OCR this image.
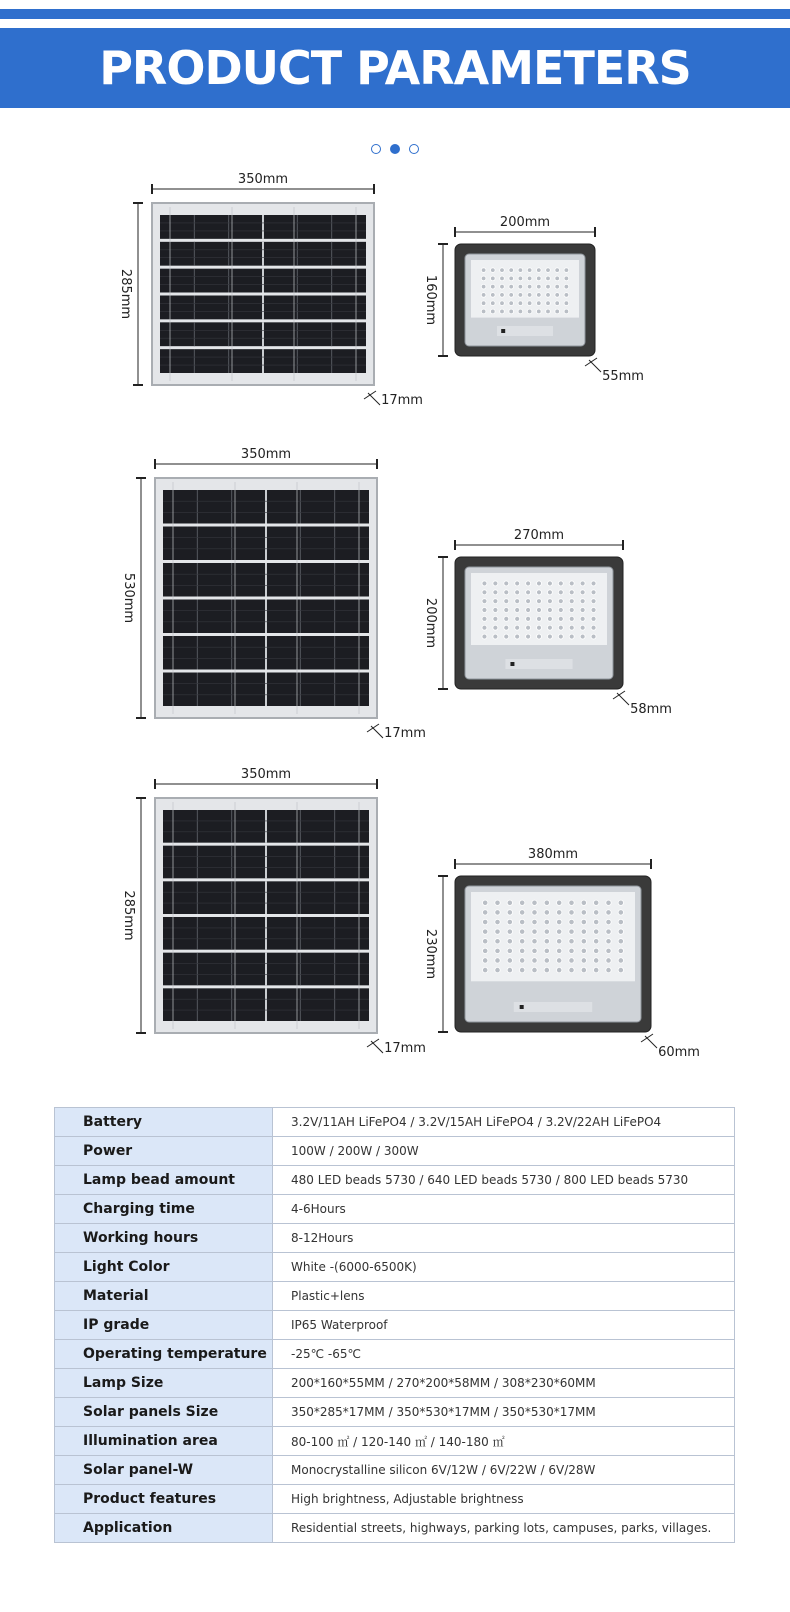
PRODUCT PARAMETERS
350mm
285mm
17mm
200mm
160mm
55mm
350mm
530mm
17mm
270mm
200mm
58mm
350mm
285mm
17mm
380mm
230mm
60mm
Battery	3.2V/11AH LiFePO4 / 3.2V/15AH LiFePO4 / 3.2V/22AH LiFePO4
Power	100W / 200W / 300W
Lamp bead amount	480 LED beads 5730 / 640 LED beads 5730 / 800 LED beads 5730
Charging time	4-6Hours
Working hours	8-12Hours
Light Color	White -(6000-6500K)
Material	Plastic+lens
IP grade	IP65 Waterproof
Operating temperature	-25℃ -65℃
Lamp Size	200*160*55MM / 270*200*58MM / 308*230*60MM
Solar panels Size	350*285*17MM / 350*530*17MM / 350*530*17MM
Illumination area	80-100 ㎡ / 120-140 ㎡ / 140-180 ㎡
Solar panel-W	Monocrystalline silicon 6V/12W / 6V/22W / 6V/28W
Product features	High brightness, Adjustable brightness
Application	Residential streets, highways, parking lots, campuses, parks, villages.
